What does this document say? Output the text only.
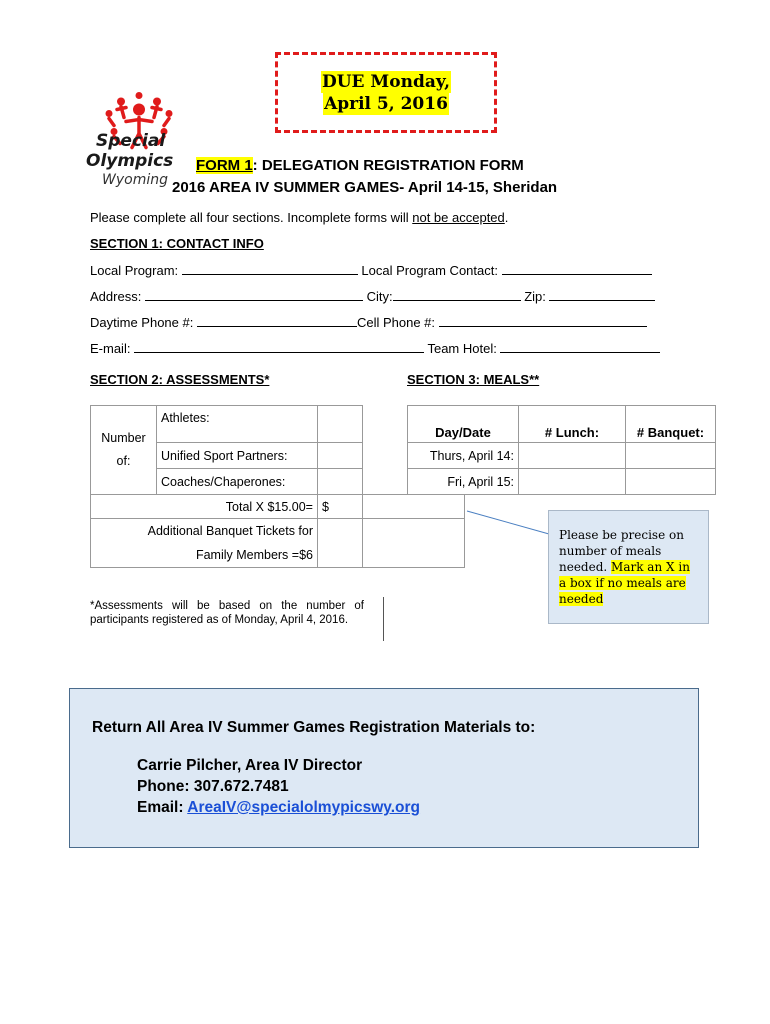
Special
Olympics
Wyoming
DUE Monday,
April 5, 2016
FORM 1: DELEGATION REGISTRATION FORM
2016 AREA IV SUMMER GAMES- April 14-15, Sheridan
Please complete all four sections. Incomplete forms will not be accepted.
SECTION 1: CONTACT INFO
Local Program:	Local Program Contact:
Address:	City:	Zip:
Daytime Phone #:	Cell Phone #:
E-mail:	Team Hotel:
SECTION 2: ASSESSMENTS*	SECTION 3: MEALS**
Number of:	Athletes:		
	Unified Sport Partners:		
	Coaches/Chaperones:		
Total X $15.00=		$	

Additional Banquet Tickets for
Family Members =$6			

*Assessments will be based on the number of participants registered as of Monday, April 4, 2016.
Day/Date	# Lunch:	# Banquet:
Thurs, April 14:		
Fri, April 15:		
Please be precise on number of meals needed. Mark an X in a box if no meals are needed
Return All Area IV Summer Games Registration Materials to:
Carrie Pilcher, Area IV Director
Phone: 307.672.7481
Email: AreaIV@specialolmypicswy.org
